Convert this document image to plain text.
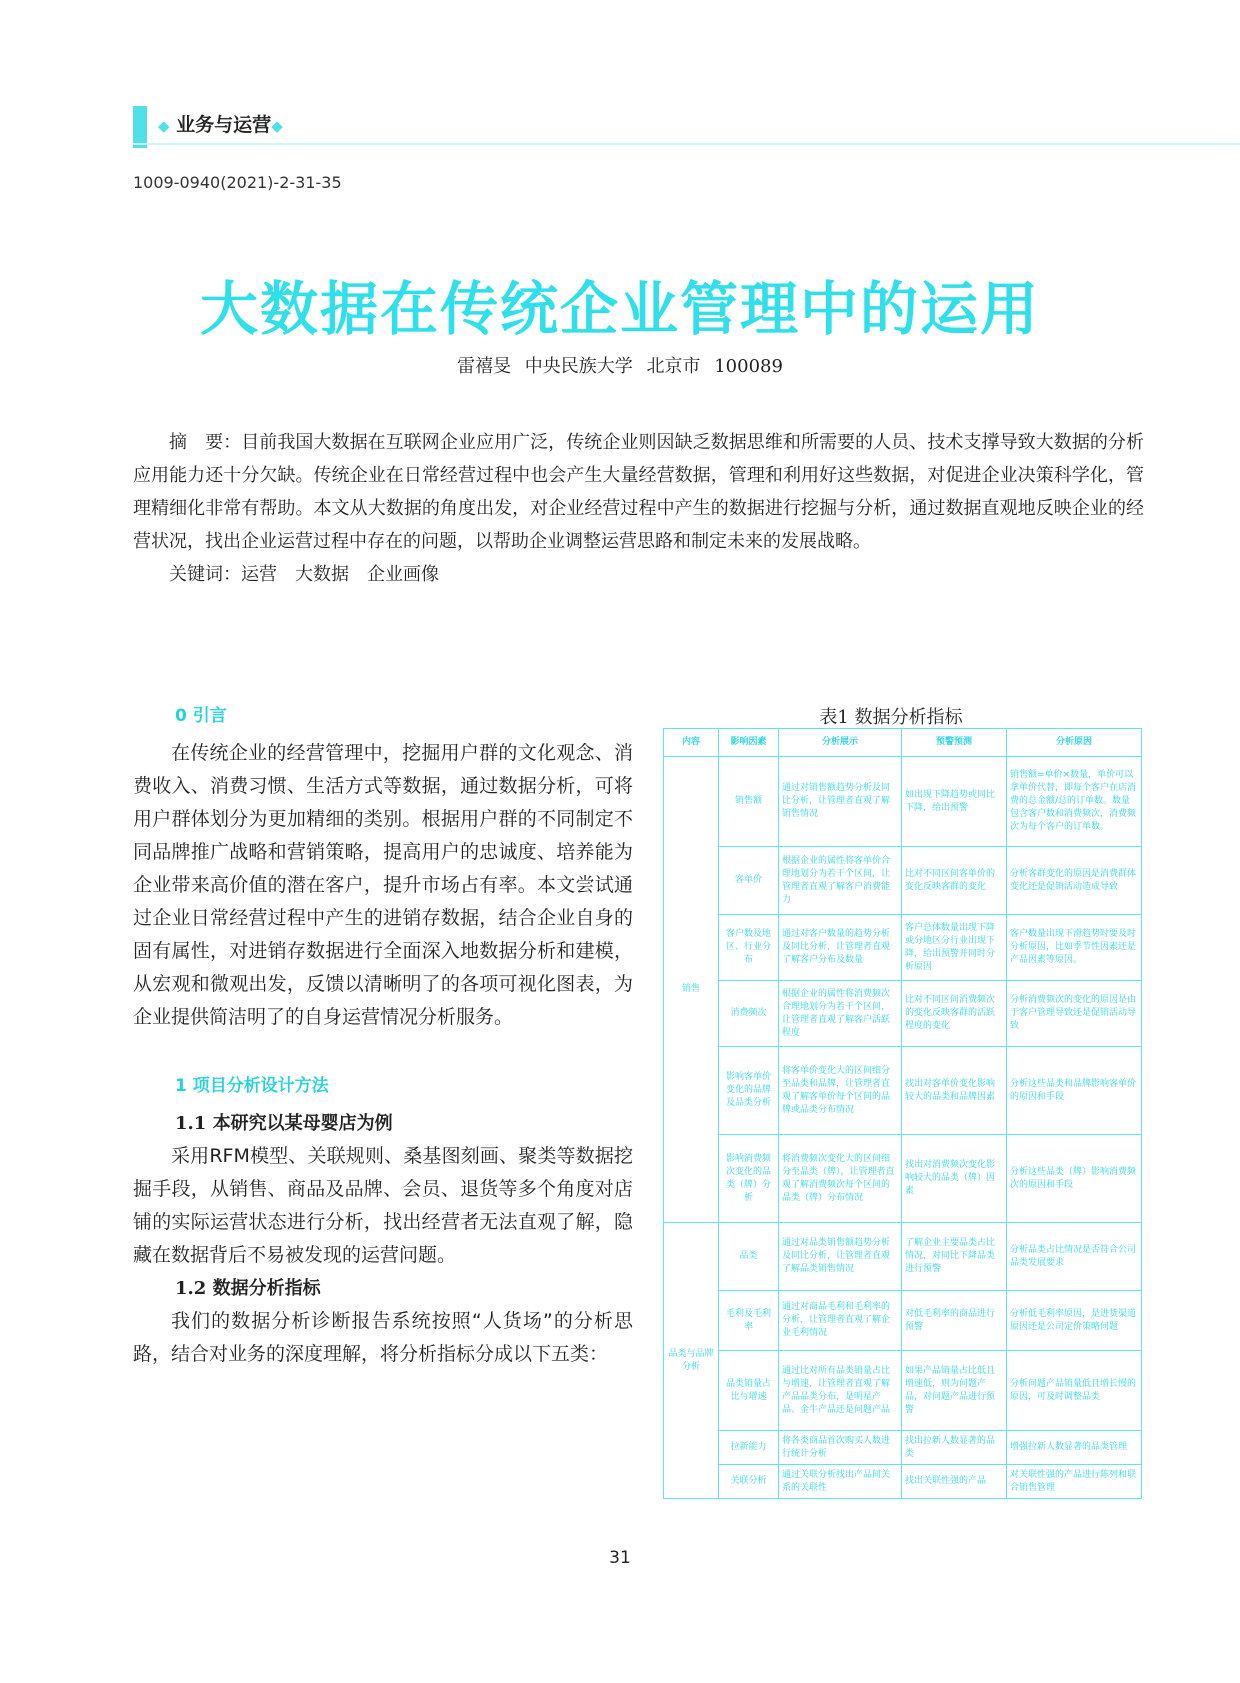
◆ 业务与运营◆
1009-0940(2021)-2-31-35
大数据在传统企业管理中的运用
雷禧旻 中央民族大学 北京市 100089

摘　要：目前我国大数据在互联网企业应用广泛，传统企业则因缺乏数据思维和所需要的人员、技术支撑导致大数据的分析应用能力还十分欠缺。传统企业在日常经营过程中也会产生大量经营数据，管理和利用好这些数据，对促进企业决策科学化，管理精细化非常有帮助。本文从大数据的角度出发，对企业经营过程中产生的数据进行挖掘与分析，通过数据直观地反映企业的经营状况，找出企业运营过程中存在的问题，以帮助企业调整运营思路和制定未来的发展战略。

关键词：运营　大数据　企业画像

0 引言

在传统企业的经营管理中，挖掘用户群的文化观念、消费收入、消费习惯、生活方式等数据，通过数据分析，可将用户群体划分为更加精细的类别。根据用户群的不同制定不同品牌推广战略和营销策略，提高用户的忠诚度、培养能为企业带来高价值的潜在客户，提升市场占有率。本文尝试通过企业日常经营过程中产生的进销存数据，结合企业自身的固有属性，对进销存数据进行全面深入地数据分析和建模，从宏观和微观出发，反馈以清晰明了的各项可视化图表，为企业提供简洁明了的自身运营情况分析服务。

1 项目分析设计方法
1.1 本研究以某母婴店为例

采用RFM模型、关联规则、桑基图刻画、聚类等数据挖掘手段，从销售、商品及品牌、会员、退货等多个角度对店铺的实际运营状态进行分析，找出经营者无法直观了解，隐藏在数据背后不易被发现的运营问题。

1.2 数据分析指标

我们的数据分析诊断报告系统按照“人货场”的分析思路，结合对业务的深度理解，将分析指标分成以下五类：

表1 数据分析指标
内容	影响因素	分析展示	预警预测	分析原因
销售	销售额	通过对销售额趋势分析及同比分析，让管理者直观了解销售情况	如出现下降趋势或同比下降，给出预警	销售额=单价×数量，单价可以拿单价代替，即每个客户在店消费的总金额/总的订单数。数量包含客户数和消费频次，消费频次为每个客户的订单数。
	客单价	根据企业的属性将客单价合理地划分为若干个区间，让管理者直观了解客户消费能力	比对不同区间客单价的变化反映客群的变化	分析客群变化的原因是消费群体变化还是促销活动造成导致
	客户数及地区、行业分布	通过对客户数量的趋势分析及同比分析，让管理者直观了解客户分布及数量	客户总体数量出现下降或分地区分行业出现下降，给出预警并同时分析原因	客户数量出现下滑趋势时要及时分析原因，比如季节性因素还是产品因素等原因。
	消费频次	根据企业的属性将消费频次合理地划分为若干个区间，让管理者直观了解客户活跃程度	比对不同区间消费频次的变化反映客群的活跃程度的变化	分析消费频次的变化的原因是由于客户管理导致还是促销活动导致
	影响客单价变化的品牌及品类分析	将客单价变化大的区间细分至品类和品牌，让管理者直观了解客单价每个区间的品牌或品类分布情况	找出对客单价变化影响较大的品类和品牌因素	分析这些品类和品牌影响客单价的原因和手段
	影响消费频次变化的品类（牌）分析	将消费频次变化大的区间细分至品类（牌），让管理者直观了解消费频次每个区间的品类（牌）分布情况	找出对消费频次变化影响较大的品类（牌）因素	分析这些品类（牌）影响消费频次的原因和手段
品类与品牌分析	品类	通过对品类销售额趋势分析及同比分析，让管理者直观了解品类销售情况	了解企业主要品类占比情况，对同比下降品类进行预警	分析品类占比情况是否符合公司品类发展要求
	毛利及毛利率	通过对商品毛利和毛利率的分析，让管理者直观了解企业毛利情况	对低毛利率的商品进行预警	分析低毛利率原因，是进货渠道原因还是公司定价策略问题
	品类销量占比与增速	通过比对所有品类销量占比与增速，让管理者直观了解产品品类分布，是明星产品、金牛产品还是问题产品	如果产品销量占比低且增速低，则为问题产品，对问题产品进行预警	分析问题产品销量低且增长慢的原因，可及时调整品类
	拉新能力	将各类商品首次购买人数进行统计分析	找出拉新人数显著的品类	增强拉新人数显著的品类管理
	关联分析	通过关联分析找出产品间关系的关联性	找出关联性强的产品	对关联性强的产品进行陈列和联合销售管理
31
